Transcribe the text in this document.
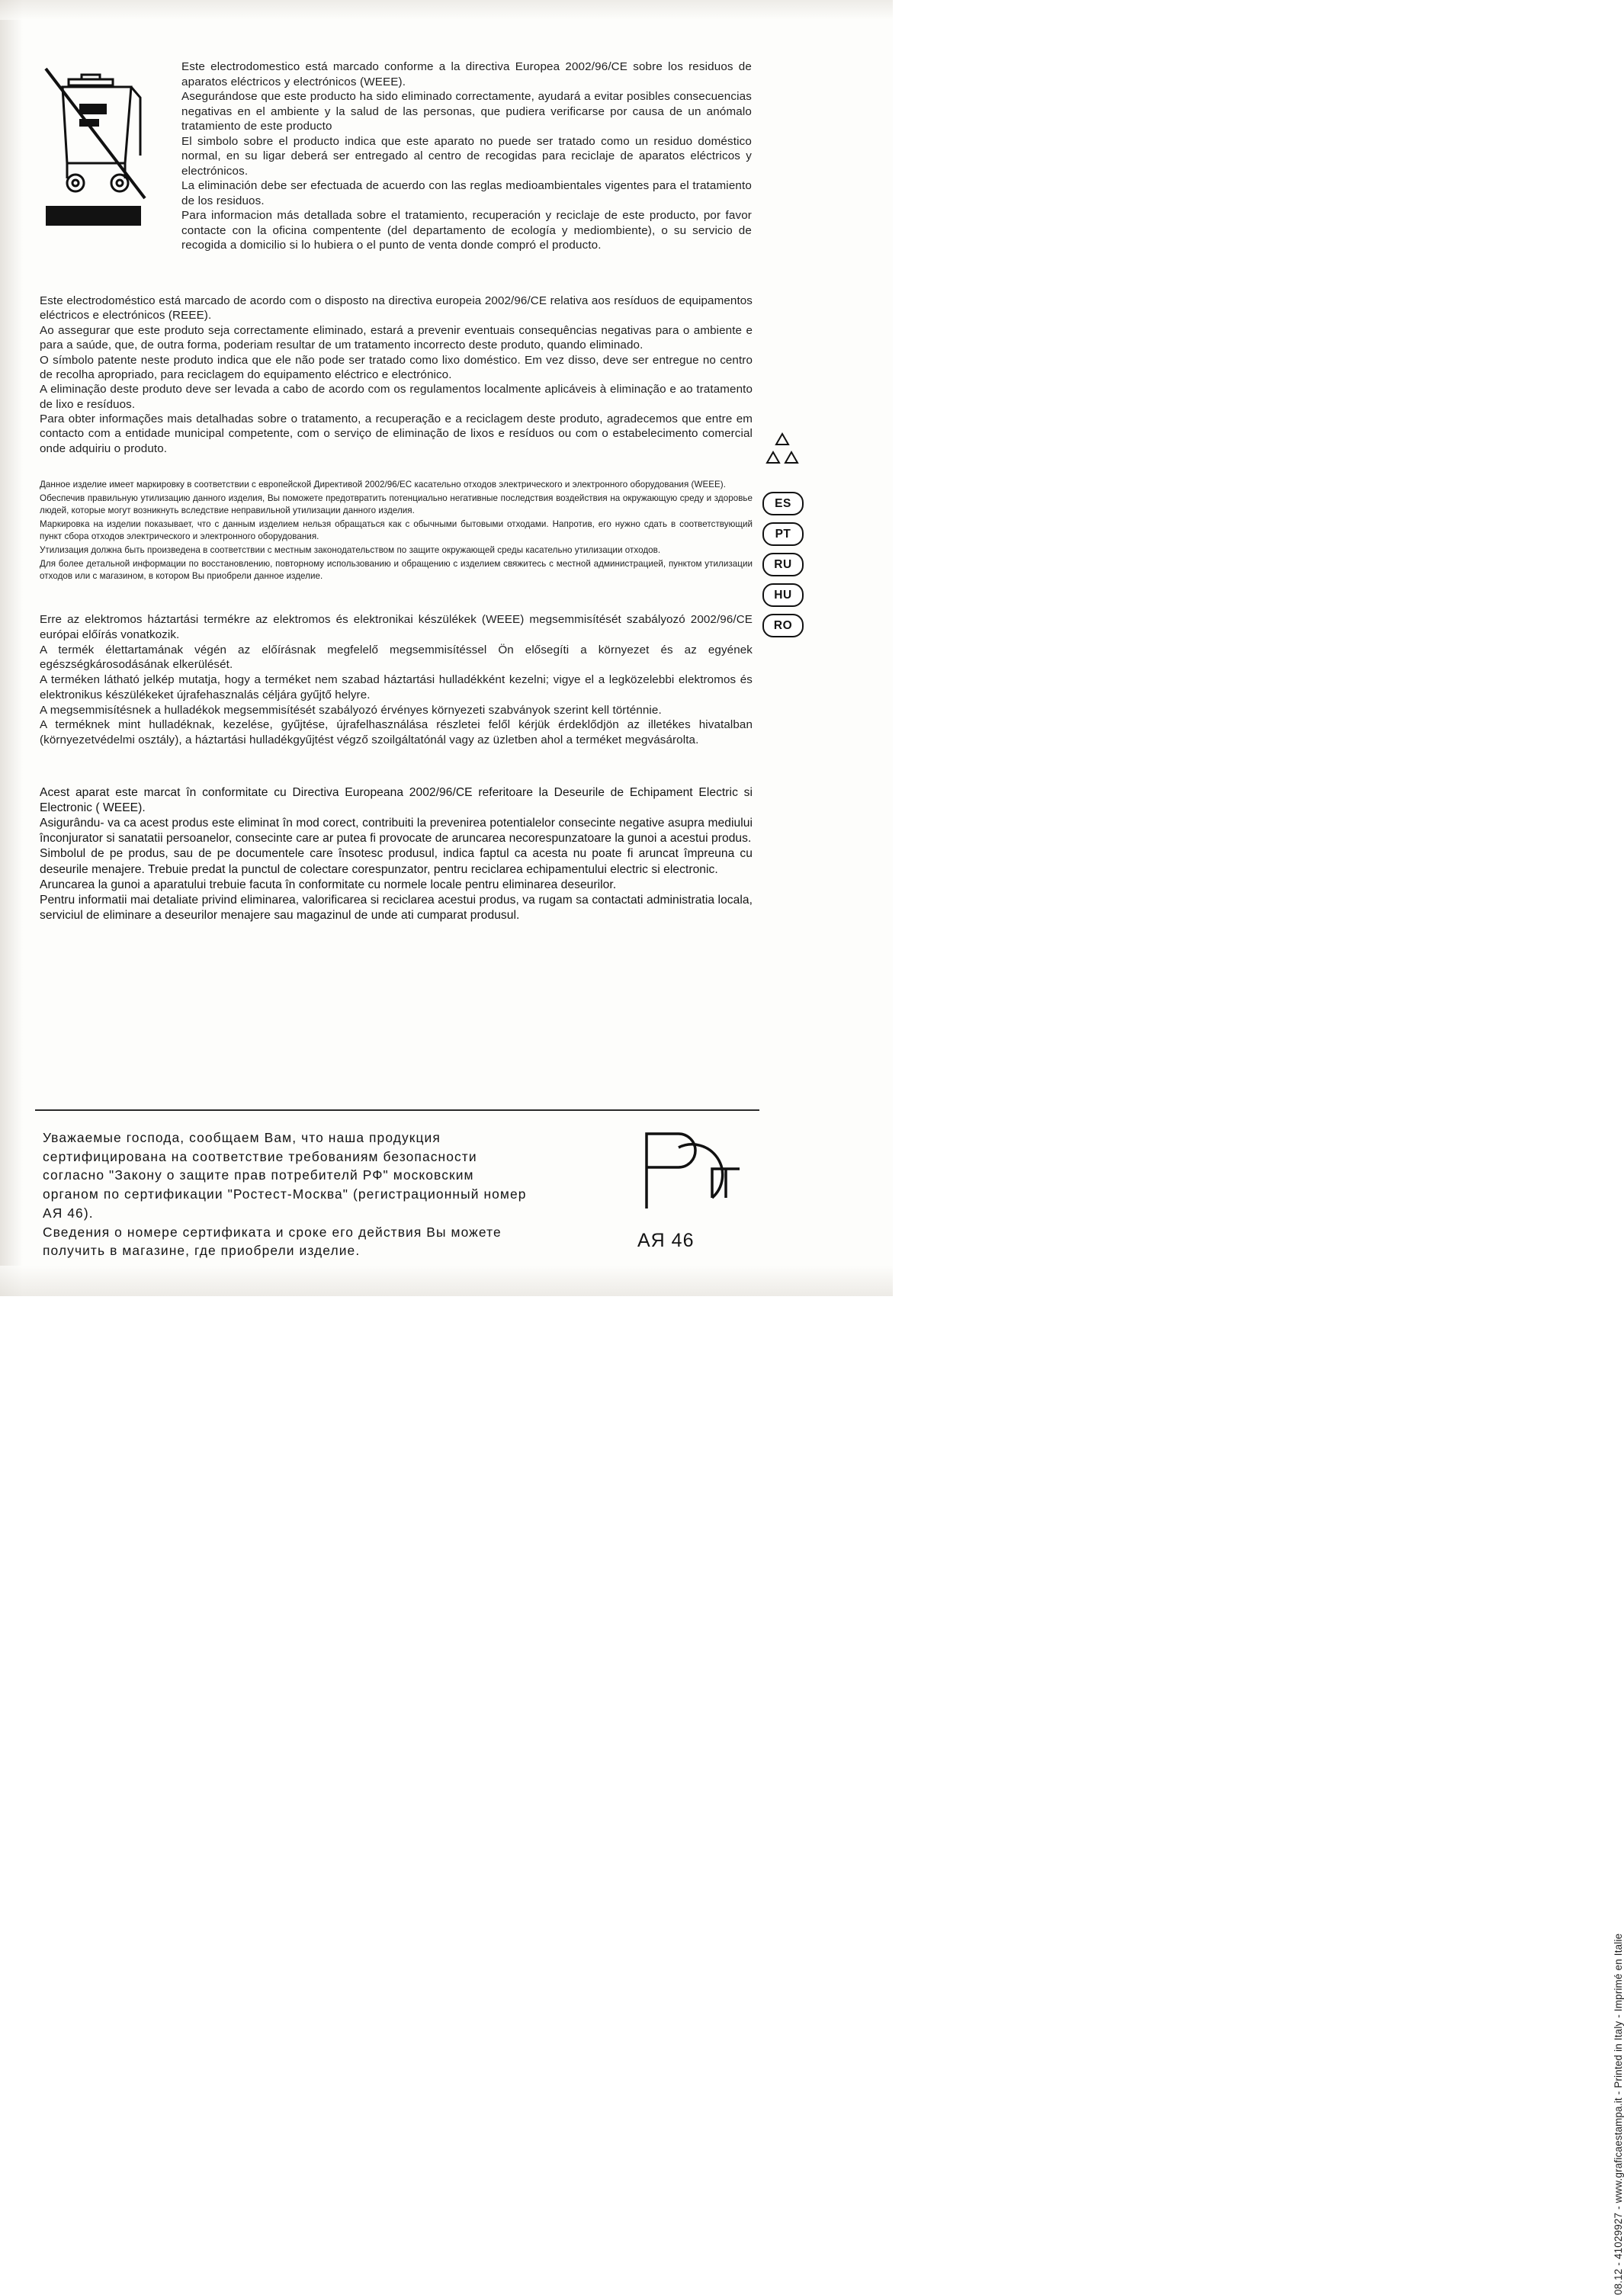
Este electrodomestico está marcado conforme a la directiva Europea 2002/96/CE sobre los residuos de aparatos eléctricos y electrónicos (WEEE).

Asegurándose que este producto ha sido eliminado correctamente, ayudará a evitar posibles consecuencias negativas en el ambiente y la salud de las personas, que pudiera verificarse por causa de un anómalo tratamiento de este producto

El simbolo sobre el producto indica que este aparato no puede ser tratado como un residuo doméstico normal, en su ligar deberá ser entregado al centro de recogidas para reciclaje de aparatos eléctricos y electrónicos.

La eliminación debe ser efectuada de acuerdo con las reglas medioambientales vigentes para el tratamiento de los residuos.

Para informacion más detallada sobre el tratamiento, recuperación y reciclaje de este producto, por favor contacte con la oficina compentente (del departamento de ecología y mediombiente), o su servicio de recogida a domicilio si lo hubiera o el punto de venta donde compró el producto.

Este electrodoméstico está marcado de acordo com o disposto na directiva europeia 2002/96/CE relativa aos resíduos de equipamentos eléctricos e electrónicos (REEE).

Ao assegurar que este produto seja correctamente eliminado, estará a prevenir eventuais consequências negativas para o ambiente e para a saúde, que, de outra forma, poderiam resultar de um tratamento incorrecto deste produto, quando eliminado.

O símbolo patente neste produto indica que ele não pode ser tratado como lixo doméstico. Em vez disso, deve ser entregue no centro de recolha apropriado, para reciclagem do equipamento eléctrico e electrónico.

A eliminação deste produto deve ser levada a cabo de acordo com os regulamentos localmente aplicáveis à eliminação e ao tratamento de lixo e resíduos.

Para obter informações mais detalhadas sobre o tratamento, a recuperação e a reciclagem deste produto, agradecemos que entre em contacto com a entidade municipal competente, com o serviço de eliminação de lixos e resíduos ou com o estabelecimento comercial onde adquiriu o produto.

Данное изделие имеет маркировку в соответствии с европейской Директивой 2002/96/ЕС касательно отходов электрического и электронного оборудования (WEEE).

Обеспечив правильную утилизацию данного изделия, Вы поможете предотвратить потенциально негативные последствия воздействия на окружающую среду и здоровье людей, которые могут возникнуть вследствие неправильной утилизации данного изделия.

Маркировка на изделии показывает, что с данным изделием нельзя обращаться как с обычными бытовыми отходами. Напротив, его нужно сдать в соответствующий пункт сбора отходов электрического и электронного оборудования.

Утилизация должна быть произведена в соответствии с местным законодательством по защите окружающей среды касательно утилизации отходов.

Для более детальной информации по восстановлению, повторному использованию и обращению с изделием свяжитесь с местной администрацией, пунктом утилизации отходов или с магазином, в котором Вы приобрели данное изделие.

Erre az elektromos háztartási termékre az elektromos és elektronikai készülékek (WEEE) megsemmisítését szabályozó 2002/96/CE európai előírás vonatkozik.

A termék élettartamának végén az előírásnak megfelelő megsemmisítéssel Ön elősegíti a környezet és az egyének egészségkárosodásának elkerülését.

A terméken látható jelkép mutatja, hogy a terméket nem szabad háztartási hulladékként kezelni; vigye el a legközelebbi elektromos és elektronikus készülékeket újrafehasznalás céljára gyűjtő helyre.

A megsemmisítésnek a hulladékok megsemmisítését szabályozó érvényes környezeti szabványok szerint kell történnie.

A terméknek mint hulladéknak, kezelése, gyűjtése, újrafelhasználása részletei felől kérjük érdeklődjön az illetékes hivatalban (környezetvédelmi osztály), a háztartási hulladékgyűjtést végző szoilgáltatónál vagy az üzletben ahol a terméket megvásárolta.

Acest aparat este marcat în conformitate cu Directiva Europeana 2002/96/CE referitoare la Deseurile de Echipament Electric si Electronic ( WEEE).

Asigurându- va ca acest produs este eliminat în mod corect, contribuiti la prevenirea potentialelor consecinte negative asupra mediului înconjurator si sanatatii persoanelor, consecinte care ar putea fi provocate de aruncarea necorespunzatoare la gunoi a acestui produs.

Simbolul de pe produs, sau de pe documentele care însotesc produsul, indica faptul ca acesta nu poate fi aruncat împreuna cu deseurile menajere. Trebuie predat la punctul de colectare corespunzator, pentru reciclarea echipamentului electric si electronic.

Aruncarea la gunoi a aparatului trebuie facuta în conformitate cu normele locale pentru eliminarea deseurilor.

Pentru informatii mai detaliate privind eliminarea, valorificarea si reciclarea acestui produs, va rugam sa contactati administratia locala, serviciul de eliminare a deseurilor menajere sau magazinul de unde ati cumparat produsul.

ES
PT
RU
HU
RO
08.12 - 41029927 - www.graficaestampa.it - Printed in Italy - Imprimé en Italie

Уважаемые господа, сообщаем Вам, что наша продукция

сертифицирована на соответствие требованиям безопасности

согласно "Закону о защите прав потребителй РФ" московским

органом по сертификации "Ростест-Москва" (регистрационный номер

АЯ 46).

Сведения о номере сертификата и сроке его действия Вы можете

получить в магазине, где приобрели изделие.	АЯ 46
